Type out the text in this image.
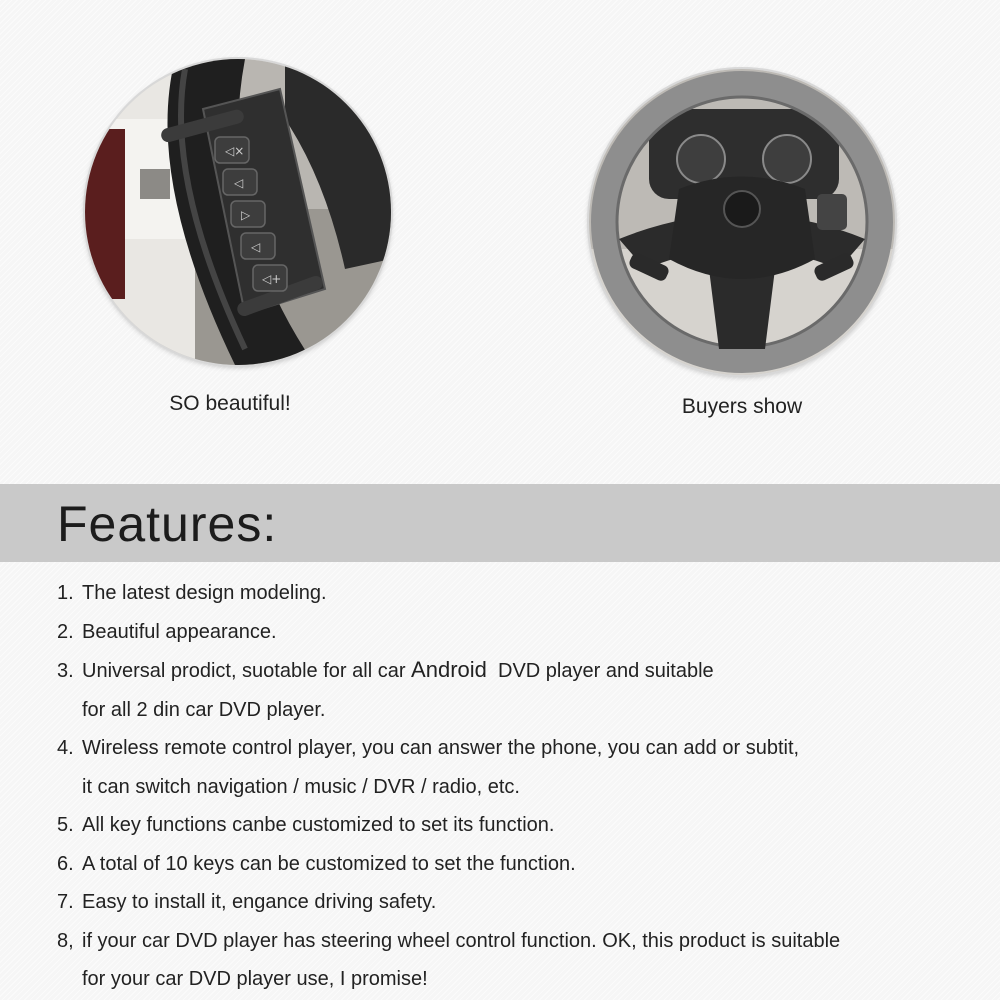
◁×
◁
▷
◁
◁+
SO beautiful!	Buyers show
Features:
1. The latest design modeling.
2. Beautiful appearance.
3. Universal prodict, suotable for all car Android  DVD player and suitable
for all 2 din car DVD player.
4. Wireless remote control player, you can answer the phone, you can add or subtit,
it can switch navigation / music / DVR / radio, etc.
5. All key functions canbe customized to set its function.
6. A total of 10 keys can be customized to set the function.
7. Easy to install it, engance driving safety.
8, if your car DVD player has steering wheel control function. OK, this product is suitable
for your car DVD player use, I promise!
